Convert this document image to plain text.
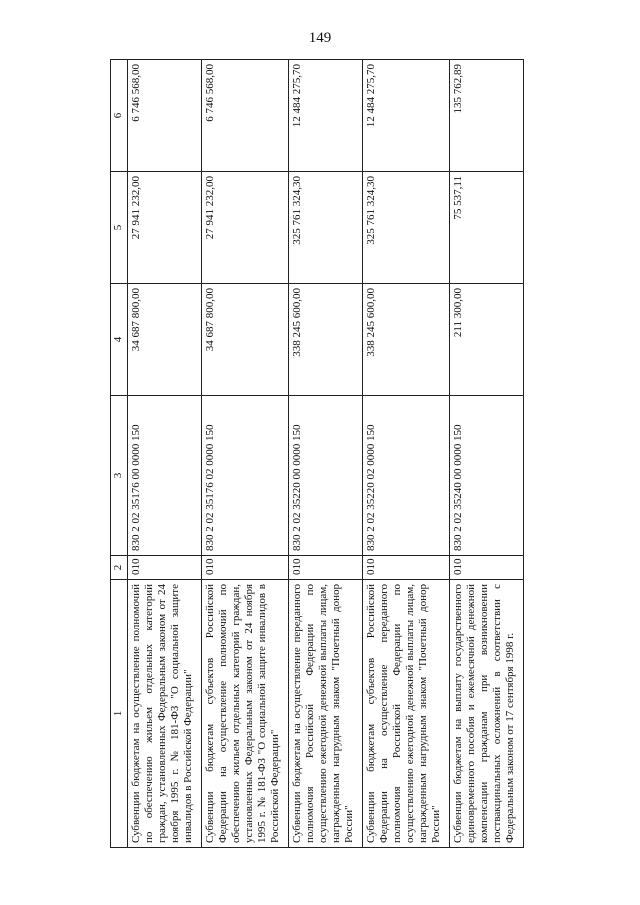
149
1	2	3	4	5	6
Субвенции бюджетам на осуществление полномочий по обеспечению жильем отдельных категорий граждан, установленных Федеральным законом от 24 ноября 1995 г. № 181-ФЗ "О социальной защите инвалидов в Российской Федерации"	010	830 2 02 35176 00 0000 150	34 687 800,00	27 941 232,00	6 746 568,00
Субвенции бюджетам субъектов Российской Федерации на осуществление полномочий по обеспечению жильем отдельных категорий граждан, установленных Федеральным законом от 24 ноября 1995 г. № 181-ФЗ "О социальной защите инвалидов в Российской Федерации"	010	830 2 02 35176 02 0000 150	34 687 800,00	27 941 232,00	6 746 568,00
Субвенции бюджетам на осуществление переданного полномочия Российской Федерации по осуществлению ежегодной денежной выплаты лицам, награжденным нагрудным знаком "Почетный донор России"	010	830 2 02 35220 00 0000 150	338 245 600,00	325 761 324,30	12 484 275,70
Субвенции бюджетам субъектов Российской Федерации на осуществление переданного полномочия Российской Федерации по осуществлению ежегодной денежной выплаты лицам, награжденным нагрудным знаком "Почетный донор России"	010	830 2 02 35220 02 0000 150	338 245 600,00	325 761 324,30	12 484 275,70
Субвенции бюджетам на выплату государственного единовременного пособия и ежемесячной денежной компенсации гражданам при возникновении поствакцинальных осложнений в соответствии с Федеральным законом от 17 сентября 1998 г.	010	830 2 02 35240 00 0000 150	211 300,00	75 537,11	135 762,89
